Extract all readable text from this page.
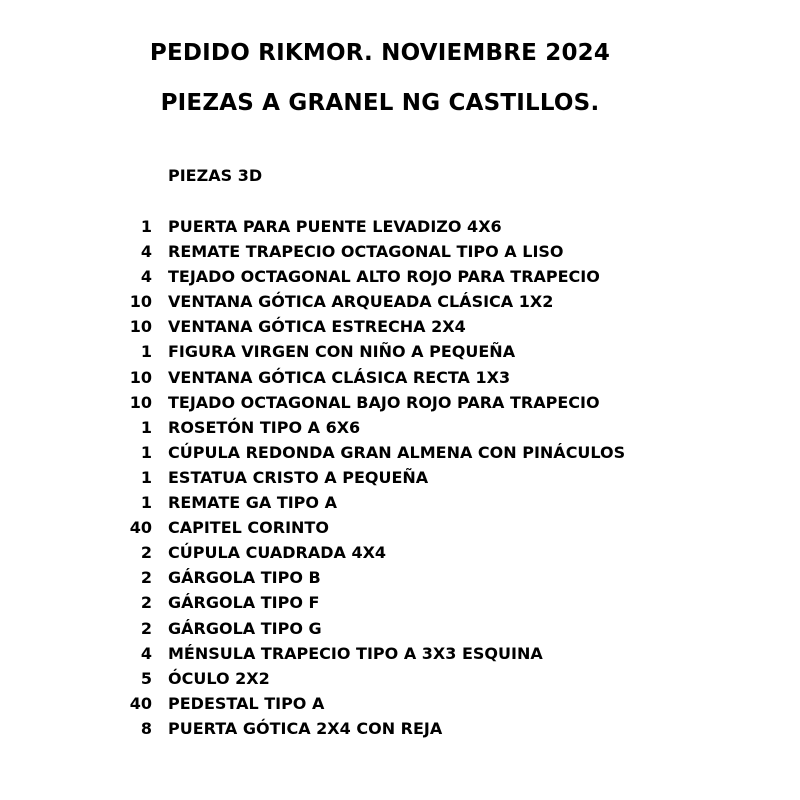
PEDIDO RIKMOR. NOVIEMBRE 2024
PIEZAS A GRANEL NG CASTILLOS.
PIEZAS 3D
1 PUERTA PARA PUENTE LEVADIZO 4X6
4 REMATE TRAPECIO OCTAGONAL TIPO A LISO
4 TEJADO OCTAGONAL ALTO ROJO PARA TRAPECIO
10 VENTANA GÓTICA ARQUEADA CLÁSICA 1X2
10 VENTANA GÓTICA ESTRECHA 2X4
1 FIGURA VIRGEN CON NIÑO A PEQUEÑA
10 VENTANA GÓTICA CLÁSICA RECTA 1X3
10 TEJADO OCTAGONAL BAJO ROJO PARA TRAPECIO
1 ROSETÓN TIPO A 6X6
1 CÚPULA REDONDA GRAN ALMENA CON PINÁCULOS
1 ESTATUA CRISTO A PEQUEÑA
1 REMATE GA TIPO A
40 CAPITEL CORINTO
2 CÚPULA CUADRADA 4X4
2 GÁRGOLA TIPO B
2 GÁRGOLA TIPO F
2 GÁRGOLA TIPO G
4 MÉNSULA TRAPECIO TIPO A 3X3 ESQUINA
5 ÓCULO 2X2
40 PEDESTAL TIPO A
8 PUERTA GÓTICA 2X4 CON REJA
